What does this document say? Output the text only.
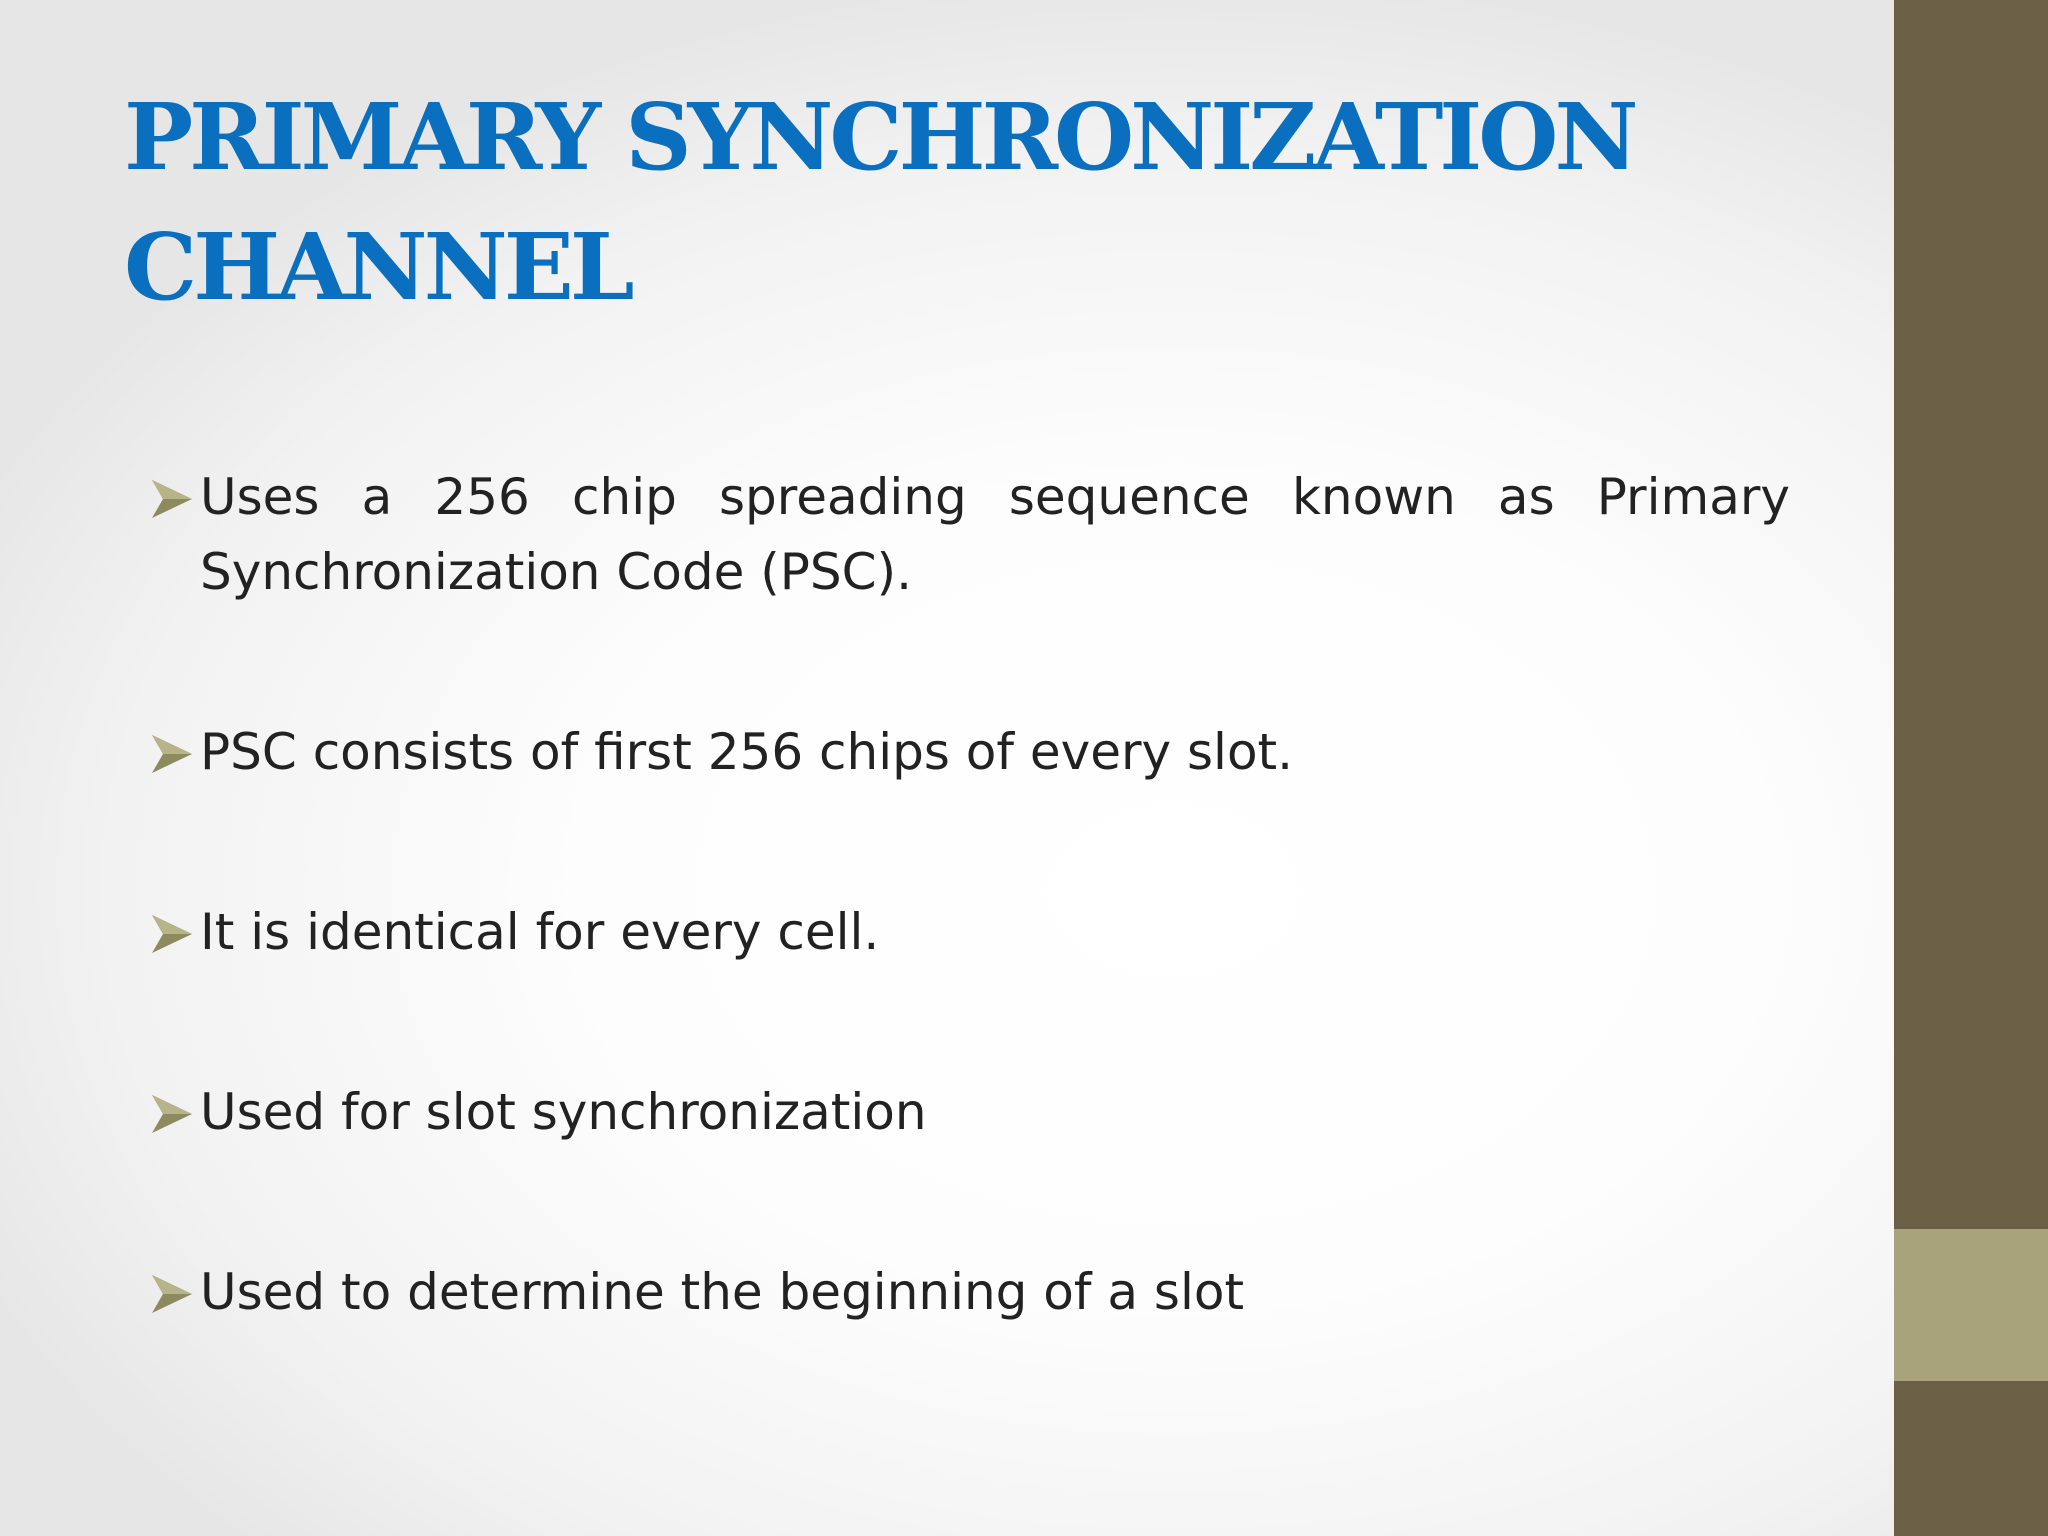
PRIMARY SYNCHRONIZATION
CHANNEL
Uses a 256 chip spreading sequence known as Primary Synchronization Code (PSC).
PSC consists of first 256 chips of every slot.
It is identical for every cell.
Used for slot synchronization
Used to determine the beginning of a slot
